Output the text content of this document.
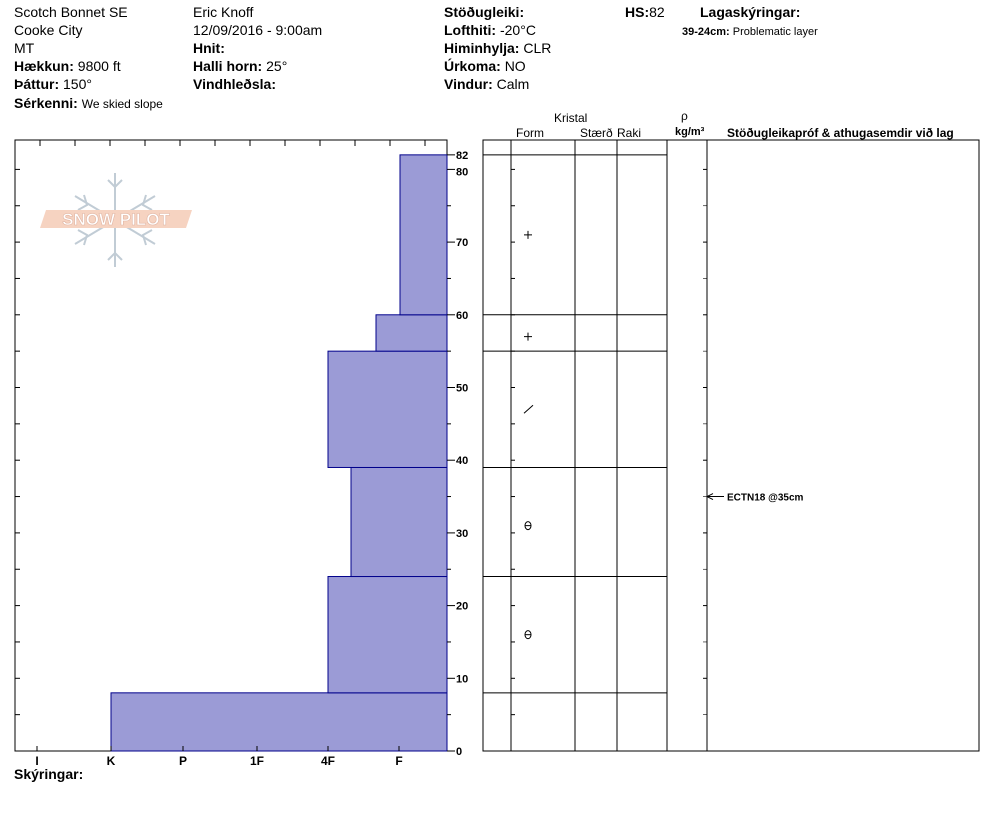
Scotch Bonnet SE
Cooke City
MT
Hækkun: 9800 ft
Þáttur: 150°
Sérkenni: We skied slope
Eric Knoff
12/09/2016 - 9:00am
Hnit:
Halli horn: 25°
Vindhleðsla:
Stöðugleiki:
Lofthiti: -20°C
Himinhylja: CLR
Úrkoma: NO
Vindur: Calm
HS:82	Lagaskýringar:
39-24cm: Problematic layer
Kristal
Form	Stærð Raki
ρ
kg/m³ Stöðugleikapróf & athugasemdir við lag
Skýringar:
SNOW PILOT
0
10
20
30
40
50
60
70
80
82
I	K	P	1F	4F	F
ECTN18 @35cm
